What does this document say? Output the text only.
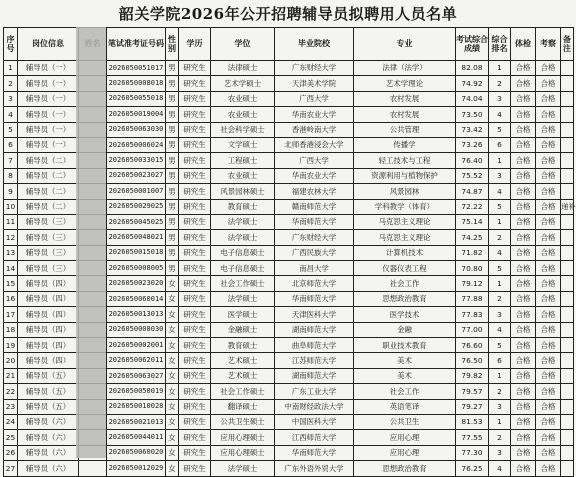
韶关学院2026年公开招聘辅导员拟聘用人员名单
序号	岗位信息		笔试准考证号码	性别	学历	学位	毕业院校	专业	考试综合成绩	综合排名	体检	考察	备注
1	辅导员（一）		2026050051017	男	研究生	法律硕士	广东财经大学	法律（法学）	82.08	1	合格	合格	
2	辅导员（一）		2026050008018	男	研究生	艺术学硕士	天津美术学院	艺术学理论	74.92	2	合格	合格	
3	辅导员（一）		2026050055018	男	研究生	农业硕士	广西大学	农村发展	74.04	3	合格	合格	
4	辅导员（一）		2026050019004	男	研究生	农业硕士	华南农业大学	农村发展	73.50	4	合格	合格	
5	辅导员（一）		2026050063030	男	研究生	社会科学硕士	香港岭南大学	公共管理	73.42	5	合格	合格	
6	辅导员（一）		2026050006024	男	研究生	文学硕士	北师香港浸会大学	传播学	73.26	6	合格	合格	
7	辅导员（二）		2026050033015	男	研究生	工程硕士	广西大学	轻工技术与工程	76.40	1	合格	合格	
8	辅导员（二）		2026050023027	男	研究生	农业硕士	华南农业大学	资源利用与植物保护	75.52	3	合格	合格	
9	辅导员（二）		2026050001007	男	研究生	风景园林硕士	福建农林大学	风景园林	74.87	4	合格	合格	
10	辅导员（二）		2026050029025	男	研究生	教育硕士	赣南师范大学	学科教学（体育）	72.22	5	合格	合格	递补
11	辅导员（三）		2026050045025	男	研究生	法学硕士	华南师范大学	马克思主义理论	75.14	1	合格	合格	
12	辅导员（三）		2026050048021	男	研究生	法学硕士	广东财经大学	马克思主义理论	74.25	2	合格	合格	
13	辅导员（三）		2026050015018	男	研究生	电子信息硕士	广西民族大学	计算机技术	71.82	4	合格	合格	
14	辅导员（三）		2026050008005	男	研究生	电子信息硕士	南昌大学	仪器仪表工程	70.80	5	合格	合格	
15	辅导员（四）		2026050023020	女	研究生	社会工作硕士	北京师范大学	社会工作	79.12	1	合格	合格	
16	辅导员（四）		2026050060014	女	研究生	法学硕士	华南师范大学	思想政治教育	77.88	2	合格	合格	
17	辅导员（四）		2026050013013	女	研究生	医学硕士	天津医科大学	医学技术	77.83	3	合格	合格	
18	辅导员（四）		2026050008030	女	研究生	金融硕士	湖南师范大学	金融	77.00	4	合格	合格	
19	辅导员（四）		2026050002001	女	研究生	教育硕士	曲阜师范大学	职业技术教育	76.60	5	合格	合格	
20	辅导员（四）		2026050062011	女	研究生	艺术硕士	江苏师范大学	美术	76.50	6	合格	合格	
21	辅导员（五）		2026050063027	女	研究生	艺术硕士	湖南师范大学	美术	79.82	1	合格	合格	
22	辅导员（五）		2026050050019	女	研究生	社会工作硕士	广东工业大学	社会工作	79.57	2	合格	合格	
23	辅导员（五）		2026050010028	女	研究生	翻译硕士	中南财经政法大学	英语笔译	79.27	3	合格	合格	
24	辅导员（六）		2026050021013	女	研究生	公共卫生硕士	中国医科大学	公共卫生	81.53	1	合格	合格	
25	辅导员（六）		2026050044011	女	研究生	应用心理硕士	江西师范大学	应用心理	77.55	2	合格	合格	
26	辅导员（六）		2026050060020	女	研究生	应用心理硕士	华南师范大学	应用心理	77.30	3	合格	合格	
27	辅导员（六）		2026050012029	女	研究生	法学硕士	广东外语外贸大学	思想政治教育	76.25	4	合格	合格	
